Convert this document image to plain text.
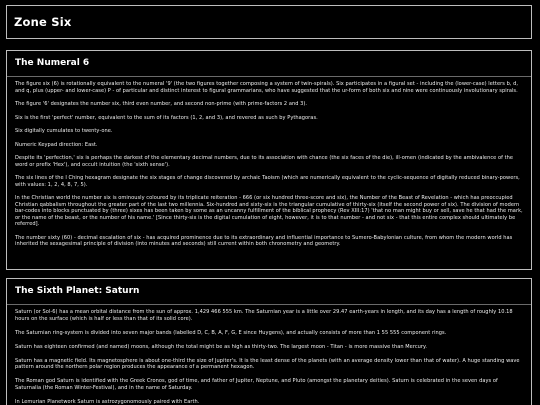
Zone Six
The Numeral 6

The figure six (6) is rotationally equivalent to the numeral '9' (the two figures together composing a system of twin-spirals). Six participates in a figural set - including the (lower-case) letters b, d, and q, plus (upper- and lower-case) P - of particular and distinct interest to figural grammarians, who have suggested that the ur-form of both six and nine were continuously involutionary spirals.

The figure '6' designates the number six, third even number, and second non-prime (with prime-factors 2 and 3).

Six is the first 'perfect' number, equivalent to the sum of its factors (1, 2, and 3), and revered as such by Pythagoras.

Six digitally cumulates to twenty-one.

Numeric Keypad direction: East.

Despite its 'perfection,' six is perhaps the darkest of the elementary decimal numbers, due to its association with chance (the six faces of the die), ill-omen (indicated by the ambivalence of the word or prefix 'Hex'), and occult intuition (the 'sixth sense').

The six lines of the I Ching hexagram designate the six stages of change discovered by archaic Taoism (which are numerically equivalent to the cyclic-sequence of digitally reduced binary-powers, with values: 1, 2, 4, 8, 7, 5).

In the Christian world the number six is ominously coloured by its triplicate reiteration - 666 (or six hundred three-score and six), the Number of the Beast of Revelation - which has preoccupied Christian qabbalism throughout the greater part of the last two millennia. Six-hundred and sixty-six is the triangular cumulative of thirty-six (itself the second power of six). The division of modern bar-codes into blocks punctuated by (three) sixes has been taken by some as an uncanny fulfillment of the biblical prophecy (Rev XIII:17) 'that no man might buy or sell, save he that had the mark, or the name of the beast, or the number of his name.' [Since thirty-six is the digital cumulation of eight, however, it is to that number - and not six - that this entire complex should ultimately be referred].

The number sixty (60) - decimal escalation of six - has acquired prominence due to its extraordinary and influential importance to Sumero-Babylonian culture, from whom the modern world has inherited the sexagesimal principle of division (into minutes and seconds) still current within both chronometry and geometry.

The Sixth Planet: Saturn

Saturn (or Sol-6) has a mean orbital distance from the sun of approx. 1,429 466 555 km. The Saturnian year is a little over 29.47 earth-years in length, and its day has a length of roughly 10.18 hours on the surface (which is half or less than that of its solid core).

The Saturnian ring-system is divided into seven major bands (labelled D, C, B, A, F, G, E since Huygens), and actually consists of more than 1 55 555 component rings.

Saturn has eighteen confirmed (and named) moons, although the total might be as high as thirty-two. The largest moon - Titan - is more massive than Mercury.

Saturn has a magnetic field. Its magnetosphere is about one-third the size of Jupiter's. It is the least dense of the planets (with an average density lower than that of water). A huge standing wave pattern around the northern polar region produces the appearance of a permanent hexagon.

The Roman god Saturn is identified with the Greek Cronos, god of time, and father of Jupiter, Neptune, and Pluto (amongst the planetary deities). Saturn is celebrated in the seven days of Saturnalia (the Roman Winter-Festival), and in the name of Saturday.

In Lemurian Planetwork Saturn is astrozygonomously paired with Earth.
